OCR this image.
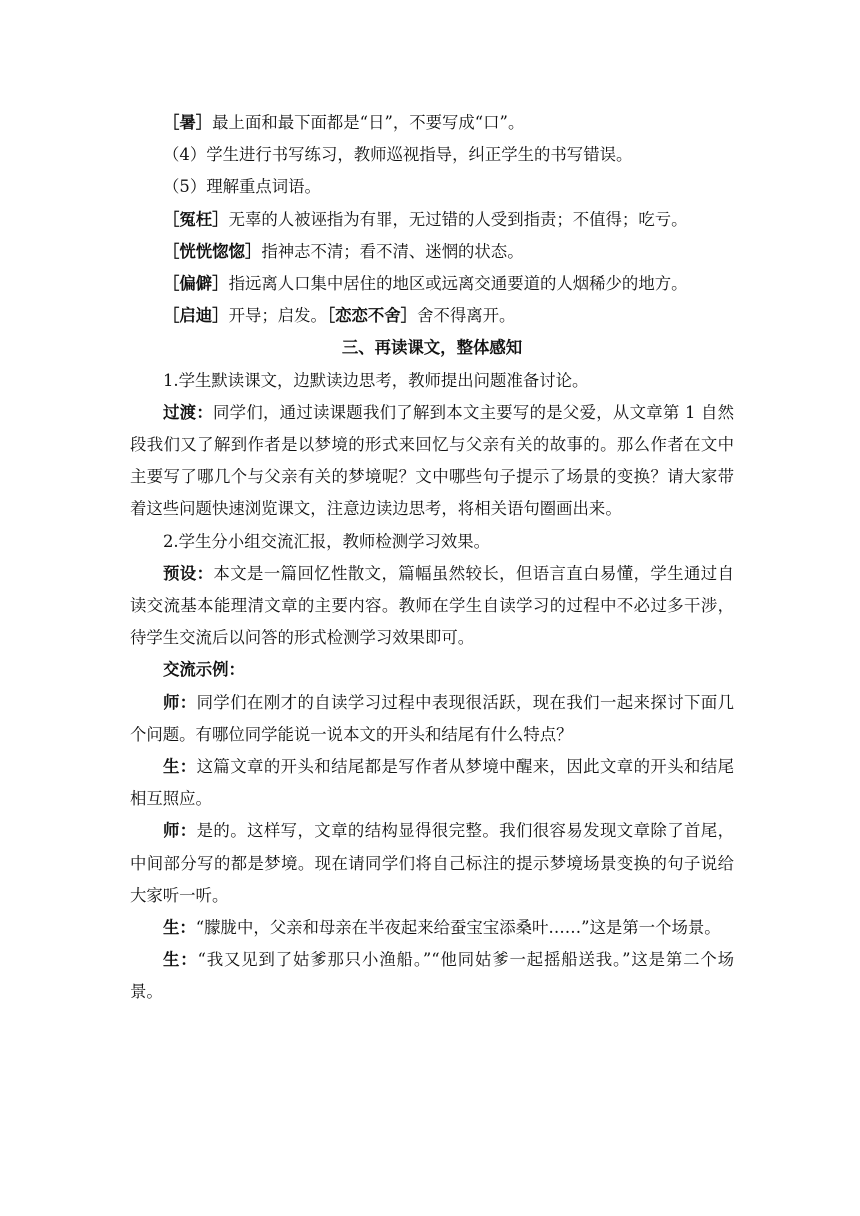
［暑］最上面和最下面都是“日”，不要写成“口”。

（4）学生进行书写练习，教师巡视指导，纠正学生的书写错误。

（5）理解重点词语。

［冤枉］无辜的人被诬指为有罪，无过错的人受到指责；不值得；吃亏。

［恍恍惚惚］指神志不清；看不清、迷惘的状态。

［偏僻］指远离人口集中居住的地区或远离交通要道的人烟稀少的地方。

［启迪］开导；启发。［恋恋不舍］舍不得离开。

三、再读课文，整体感知

1.学生默读课文，边默读边思考，教师提出问题准备讨论。

过渡：同学们，通过读课题我们了解到本文主要写的是父爱，从文章第 1 自然段我们又了解到作者是以梦境的形式来回忆与父亲有关的故事的。那么作者在文中主要写了哪几个与父亲有关的梦境呢？文中哪些句子提示了场景的变换？请大家带着这些问题快速浏览课文，注意边读边思考，将相关语句圈画出来。

2.学生分小组交流汇报，教师检测学习效果。

预设：本文是一篇回忆性散文，篇幅虽然较长，但语言直白易懂，学生通过自读交流基本能理清文章的主要内容。教师在学生自读学习的过程中不必过多干涉，待学生交流后以问答的形式检测学习效果即可。

交流示例：

师：同学们在刚才的自读学习过程中表现很活跃，现在我们一起来探讨下面几个问题。有哪位同学能说一说本文的开头和结尾有什么特点？

生：这篇文章的开头和结尾都是写作者从梦境中醒来，因此文章的开头和结尾相互照应。

师：是的。这样写，文章的结构显得很完整。我们很容易发现文章除了首尾，中间部分写的都是梦境。现在请同学们将自己标注的提示梦境场景变换的句子说给大家听一听。

生：“朦胧中，父亲和母亲在半夜起来给蚕宝宝添桑叶……”这是第一个场景。

生：“我又见到了姑爹那只小渔船。”“他同姑爹一起摇船送我。”这是第二个场景。
